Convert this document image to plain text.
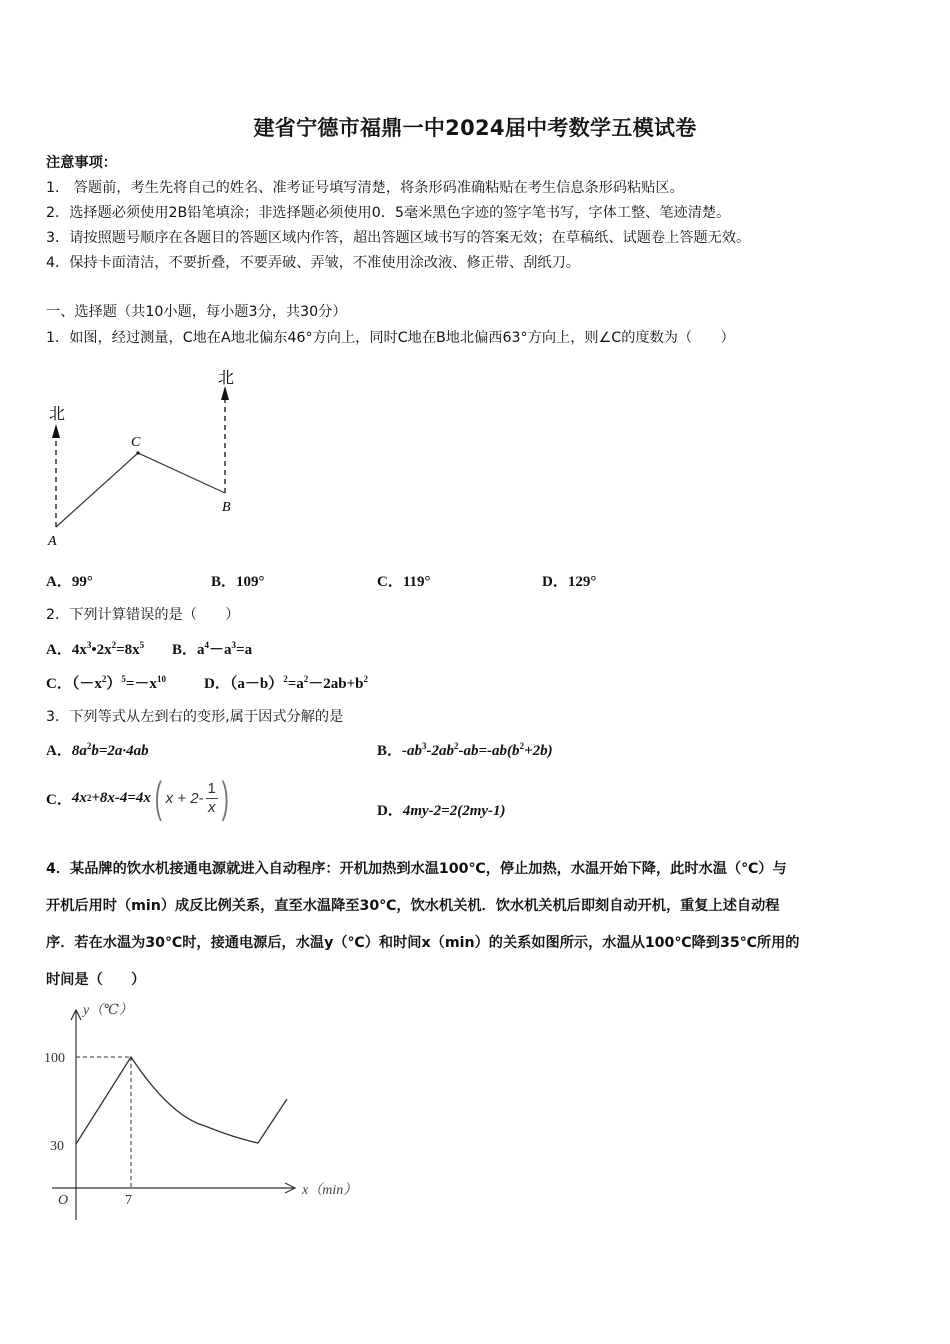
建省宁德市福鼎一中2024届中考数学五模试卷
注意事项：
1． 答题前，考生先将自己的姓名、准考证号填写清楚，将条形码准确粘贴在考生信息条形码粘贴区。
2．选择题必须使用2B铅笔填涂；非选择题必须使用0．5毫米黑色字迹的签字笔书写，字体工整、笔迹清楚。
3．请按照题号顺序在各题目的答题区域内作答，超出答题区域书写的答案无效；在草稿纸、试题卷上答题无效。
4．保持卡面清洁，不要折叠，不要弄破、弄皱，不准使用涂改液、修正带、刮纸刀。
一、选择题（共10小题，每小题3分，共30分）
1．如图，经过测量，C地在A地北偏东46°方向上，同时C地在B地北偏西63°方向上，则∠C的度数为（　　）
北
北
C
B
A
A．99°	B．109°	C．119°	D．129°
2．下列计算错误的是（　　）
A．$4x^3•2x^2=8x^5$ B．$a^4-a^3=a$
C．$(-x^2)^5=-x^{10}$	D．$(a-b)^2=a^2-2ab+b^2$
3．下列等式从左到右的变形,属于因式分解的是
A．$8a^2b=2a\cdot 4ab$	B．$-ab^3-2ab^2-ab=-ab(b^2+2b)$
C． 4x 2 +8x-4=4x ( $x + 2- \frac{1}{x}$ )	D．4my-2=2(2my-1)
4．某品牌的饮水机接通电源就进入自动程序：开机加热到水温100℃，停止加热，水温开始下降，此时水温（℃）与
开机后用时（min）成反比例关系，直至水温降至30℃，饮水机关机．饮水机关机后即刻自动开机，重复上述自动程
序．若在水温为30℃时，接通电源后，水温y（℃）和时间x（min）的关系如图所示，水温从100℃降到35℃所用的
时间是（　　）
y（℃）
x（min）
O
100
30
7
